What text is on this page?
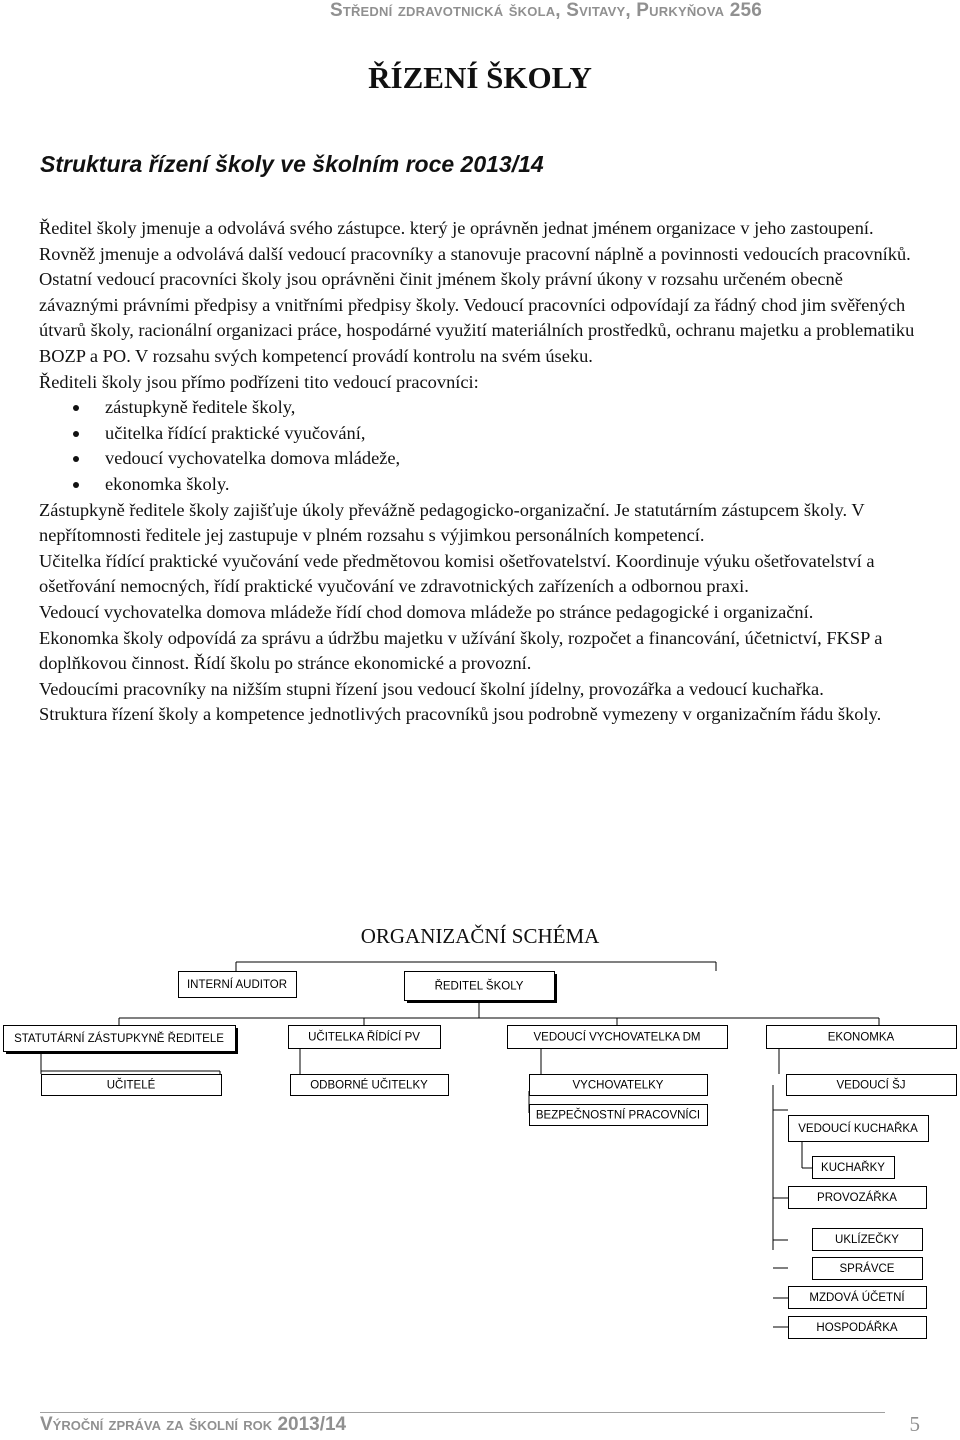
Střední zdravotnická škola, Svitavy, Purkyňova 256
ŘÍZENÍ ŠKOLY
Struktura řízení školy ve školním roce 2013/14

Ředitel školy jmenuje a odvolává svého zástupce. který je oprávněn jednat jménem organizace v jeho zastoupení. Rovněž jmenuje a odvolává další vedoucí pracovníky a stanovuje pracovní náplně a povinnosti vedoucích pracovníků. Ostatní vedoucí pracovníci školy jsou oprávněni činit jménem školy právní úkony v rozsahu určeném obecně závaznými právními předpisy a vnitřními předpisy školy. Vedoucí pracovníci odpovídají za řádný chod jim svěřených útvarů školy, racionální organizaci práce, hospodárné využití materiálních prostředků, ochranu majetku a problematiku BOZP a PO. V rozsahu svých kompetencí provádí kontrolu na svém úseku.

Řediteli školy jsou přímo podřízeni tito vedoucí pracovníci:

zástupkyně ředitele školy,
učitelka řídící praktické vyučování,
vedoucí vychovatelka domova mládeže,
ekonomka školy.

Zástupkyně ředitele školy zajišťuje úkoly převážně pedagogicko-organizační. Je statutárním zástupcem školy. V nepřítomnosti ředitele jej zastupuje v plném rozsahu s výjimkou personálních kompetencí.

Učitelka řídící praktické vyučování vede předmětovou komisi ošetřovatelství. Koordinuje výuku ošetřovatelství a ošetřování nemocných, řídí praktické vyučování ve zdravotnických zařízeních a odbornou praxi.

Vedoucí vychovatelka domova mládeže řídí chod domova mládeže po stránce pedagogické i organizační.

Ekonomka školy odpovídá za správu a údržbu majetku v užívání školy, rozpočet a financování, účetnictví, FKSP a doplňkovou činnost. Řídí školu po stránce ekonomické a provozní.

Vedoucími pracovníky na nižším stupni řízení jsou vedoucí školní jídelny, provozářka a vedoucí kuchařka.

Struktura řízení školy a kompetence jednotlivých pracovníků jsou podrobně vymezeny v organizačním řádu školy.

ORGANIZAČNÍ SCHÉMA
INTERNÍ AUDITOR	ŘEDITEL ŠKOLY
STATUTÁRNÍ ZÁSTUPKYNĚ ŘEDITELE	UČITELKA ŘÍDÍCÍ PV	VEDOUCÍ VYCHOVATELKA DM	EKONOMKA
UČITELÉ	ODBORNÉ UČITELKY	VYCHOVATELKY	VEDOUCÍ ŠJ
BEZPEČNOSTNÍ PRACOVNÍCI
VEDOUCÍ KUCHAŘKA
KUCHAŘKY
PROVOZÁŘKA
UKLÍZEČKY
SPRÁVCE
MZDOVÁ ÚČETNÍ
HOSPODÁŘKA
Výroční zpráva za školní rok 2013/14	5
